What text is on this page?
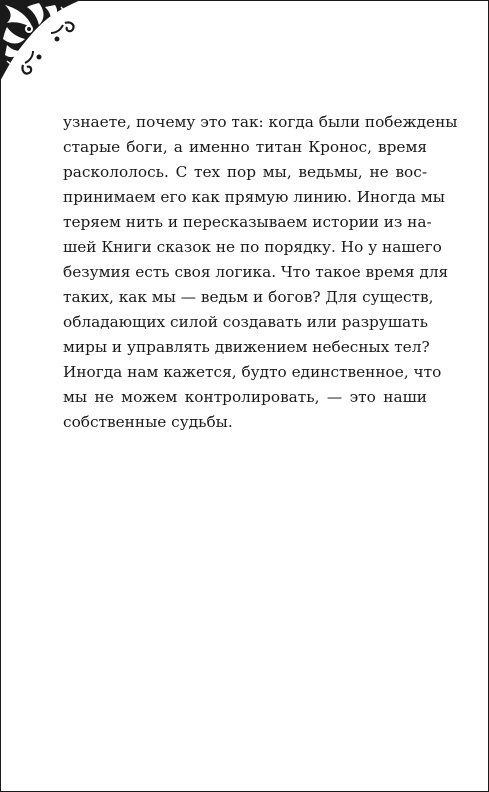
узнаете, почему это так: когда были побеждены
старые боги, а именно титан Кронос, время
раскололось. С тех пор мы, ведьмы, не вос-
принимаем его как прямую линию. Иногда мы
теряем нить и пересказываем истории из на-
шей Книги сказок не по порядку. Но у нашего
безумия есть своя логика. Что такое время для
таких, как мы — ведьм и богов? Для существ,
обладающих силой создавать или разрушать
миры и управлять движением небесных тел?
Иногда нам кажется, будто единственное, что
мы не можем контролировать, — это наши
собственные судьбы.
